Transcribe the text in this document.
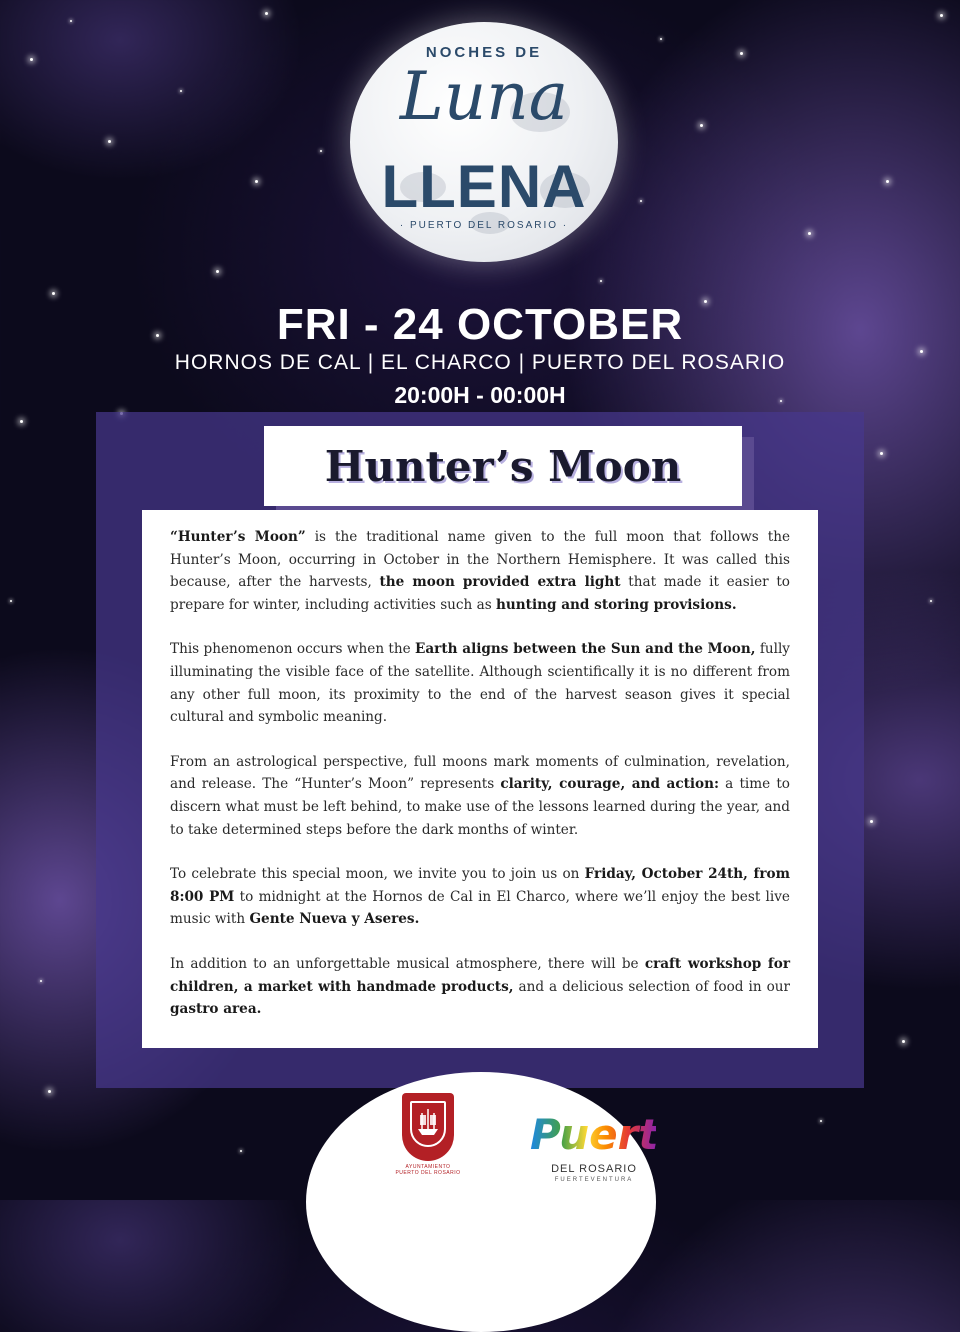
NOCHES DE
Luna
LLENA
· PUERTO DEL ROSARIO ·
FRI - 24 OCTOBER
HORNOS DE CAL | EL CHARCO | PUERTO DEL ROSARIO
20:00H - 00:00H
Hunter’s Moon

“Hunter’s Moon” is the traditional name given to the full moon that follows the Hunter’s Moon, occurring in October in the Northern Hemisphere. It was called this because, after the harvests, the moon provided extra light that made it easier to prepare for winter, including activities such as hunting and storing provisions.

This phenomenon occurs when the Earth aligns between the Sun and the Moon, fully illuminating the visible face of the satellite. Although scientifically it is no different from any other full moon, its proximity to the end of the harvest season gives it special cultural and symbolic meaning.

From an astrological perspective, full moons mark moments of culmination, revelation, and release. The “Hunter’s Moon” represents clarity, courage, and action: a time to discern what must be left behind, to make use of the lessons learned during the year, and to take determined steps before the dark months of winter.

To celebrate this special moon, we invite you to join us on Friday, October 24th, from 8:00 PM to midnight at the Hornos de Cal in El Charco, where we’ll enjoy the best live music with Gente Nueva y Aseres.

In addition to an unforgettable musical atmosphere, there will be craft workshop for children, a market with handmade products, and a delicious selection of food in our gastro area.

AYUNTAMIENTO
PUERTO DEL ROSARIO
Puerto
DEL ROSARIO
FUERTEVENTURA
